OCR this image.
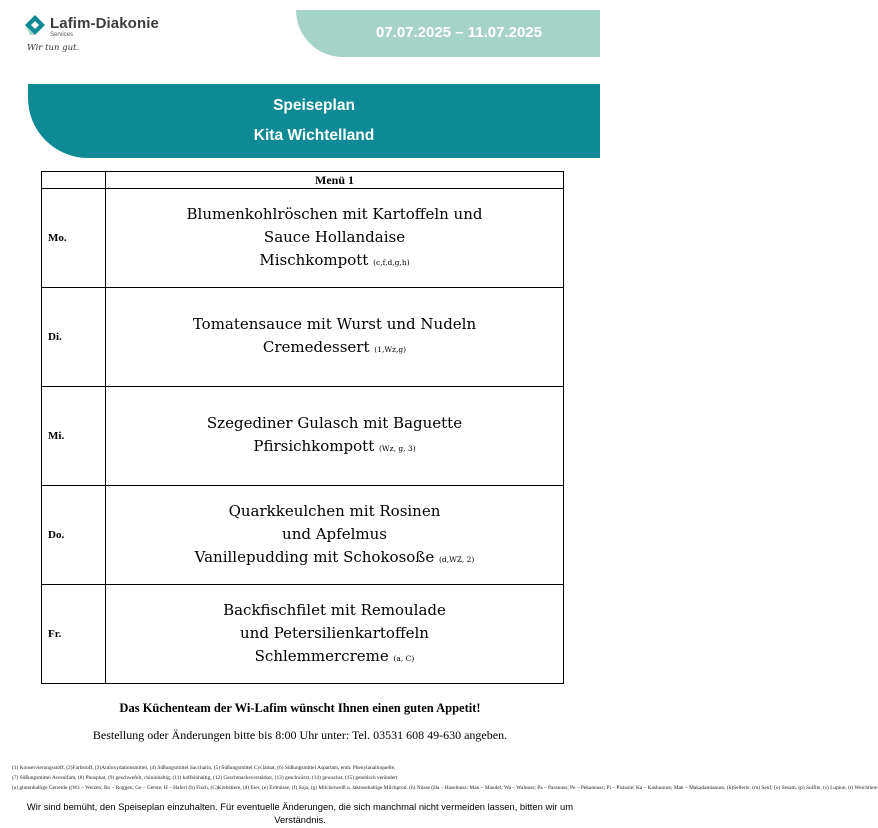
Lafim-Diakonie
Services
Wir tun gut.
07.07.2025 – 11.07.2025
Speiseplan
Kita Wichtelland
	Menü 1
Mo.	Blumenkohlröschen mit Kartoffeln und
Sauce Hollandaise
Mischkompott (c,f,d,g,h)

Di.	Tomatensauce mit Wurst und Nudeln
Cremedessert (1,Wz,g)

Mi.	Szegediner Gulasch mit Baguette
Pfirsichkompott (Wz, g, 3)

Do.	Quarkkeulchen mit Rosinen
und Apfelmus
Vanillepudding mit Schokosoße (d,WZ, 2)

Fr.	Backfischfilet mit Remoulade
und Petersilienkartoffeln
Schlemmercreme (a, C)
Das Küchenteam der Wi-Lafim wünscht Ihnen einen guten Appetit!
Bestellung oder Änderungen bitte bis 8:00 Uhr unter: Tel. 03531 608 49-630 angeben.
(1) Konservierungsstoff, (2)Farbstoff, (3)Antioxydationsmittel, (4) Süßungsmittel Saccharin, (5) Süßungsmittel Cyclamat, (6) Süßungsmittel Aspartam, enth. Phenylanalinquelle,
(7) Süßungsmittel Acesulfam, (8) Phosphat, (9) geschwefelt, chininhaltig, (11) koffeinhaltig, (12) Geschmacksverstärker, (13) geschwärzt, (14) gewachst, (15) genetisch verändert
(a) glutenhaltige Getreide ((Wz – Weizen; Ro – Roggen; Ge – Gerste; H – Hafer) (b) Fisch, (C)Krebstiere, (d) Eier, (e) Erdnüsse, (f) Soja, (g) Milcheiweiß u. laktosehaltige Milchprod. (h) Nüsse (Ha – Haselnuss; Man – Mandel; Wa – Walnuss; Pa – Paranuss; Pe – Pekannuss; Pi – Pistazie; Ka – Kashunuss; Mak – Makadamianuss, (k)Sellerie, (m) Senf, (o) Sesam, (p) Sulfite, (s) Lupine, (t) Weichtiere
Wir sind bemüht, den Speiseplan einzuhalten. Für eventuelle Änderungen, die sich manchmal nicht vermeiden lassen, bitten wir um Verständnis.
